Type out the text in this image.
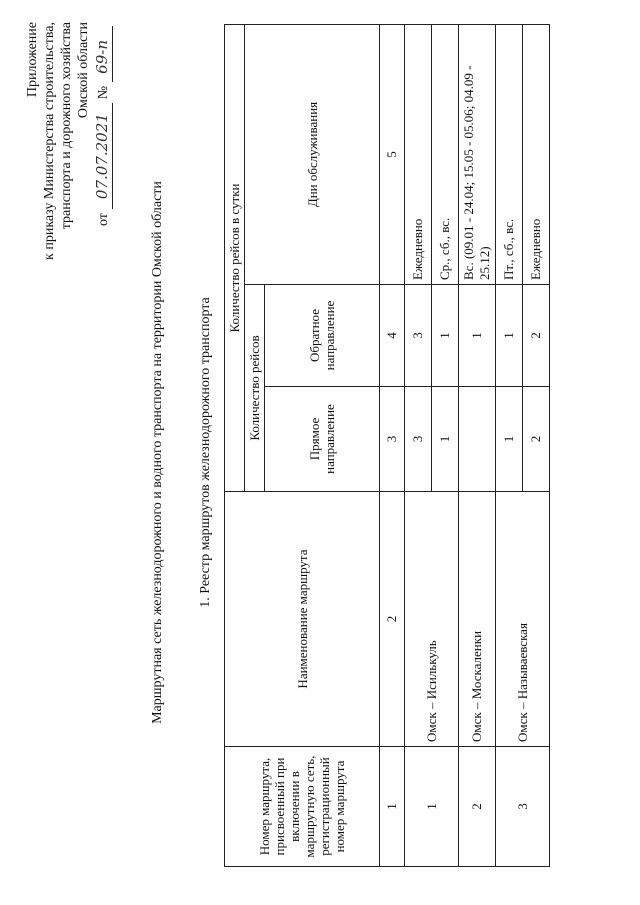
Приложение к приказу Министерства строительства, транспорта и дорожного хозяйства Омской области
от
07.07.2021
№
69-п
Маршрутная сеть железнодорожного и водного транспорта на территории Омской области 1. Реестр маршрутов железнодорожного транспорта
Номер маршрута, присвоенный при включении в маршрутную сеть, регистрационный номер маршрута	Наименование маршрута	Количество рейсов в сутки		
		Количество рейсов		Дни обслуживания
		Прямое направление	Обратное направление	
1	2	3	4	5
1	Омск – Исилькуль	3	3	Ежедневно
		1	1	Ср., сб., вс.
2	Омск – Москаленки		1	Вс. (09.01 - 24.04; 15.05 - 05.06; 04.09 - 25.12)
3	Омск – Называевская	1	1	Пт., сб., вс.
		2	2	Ежедневно
